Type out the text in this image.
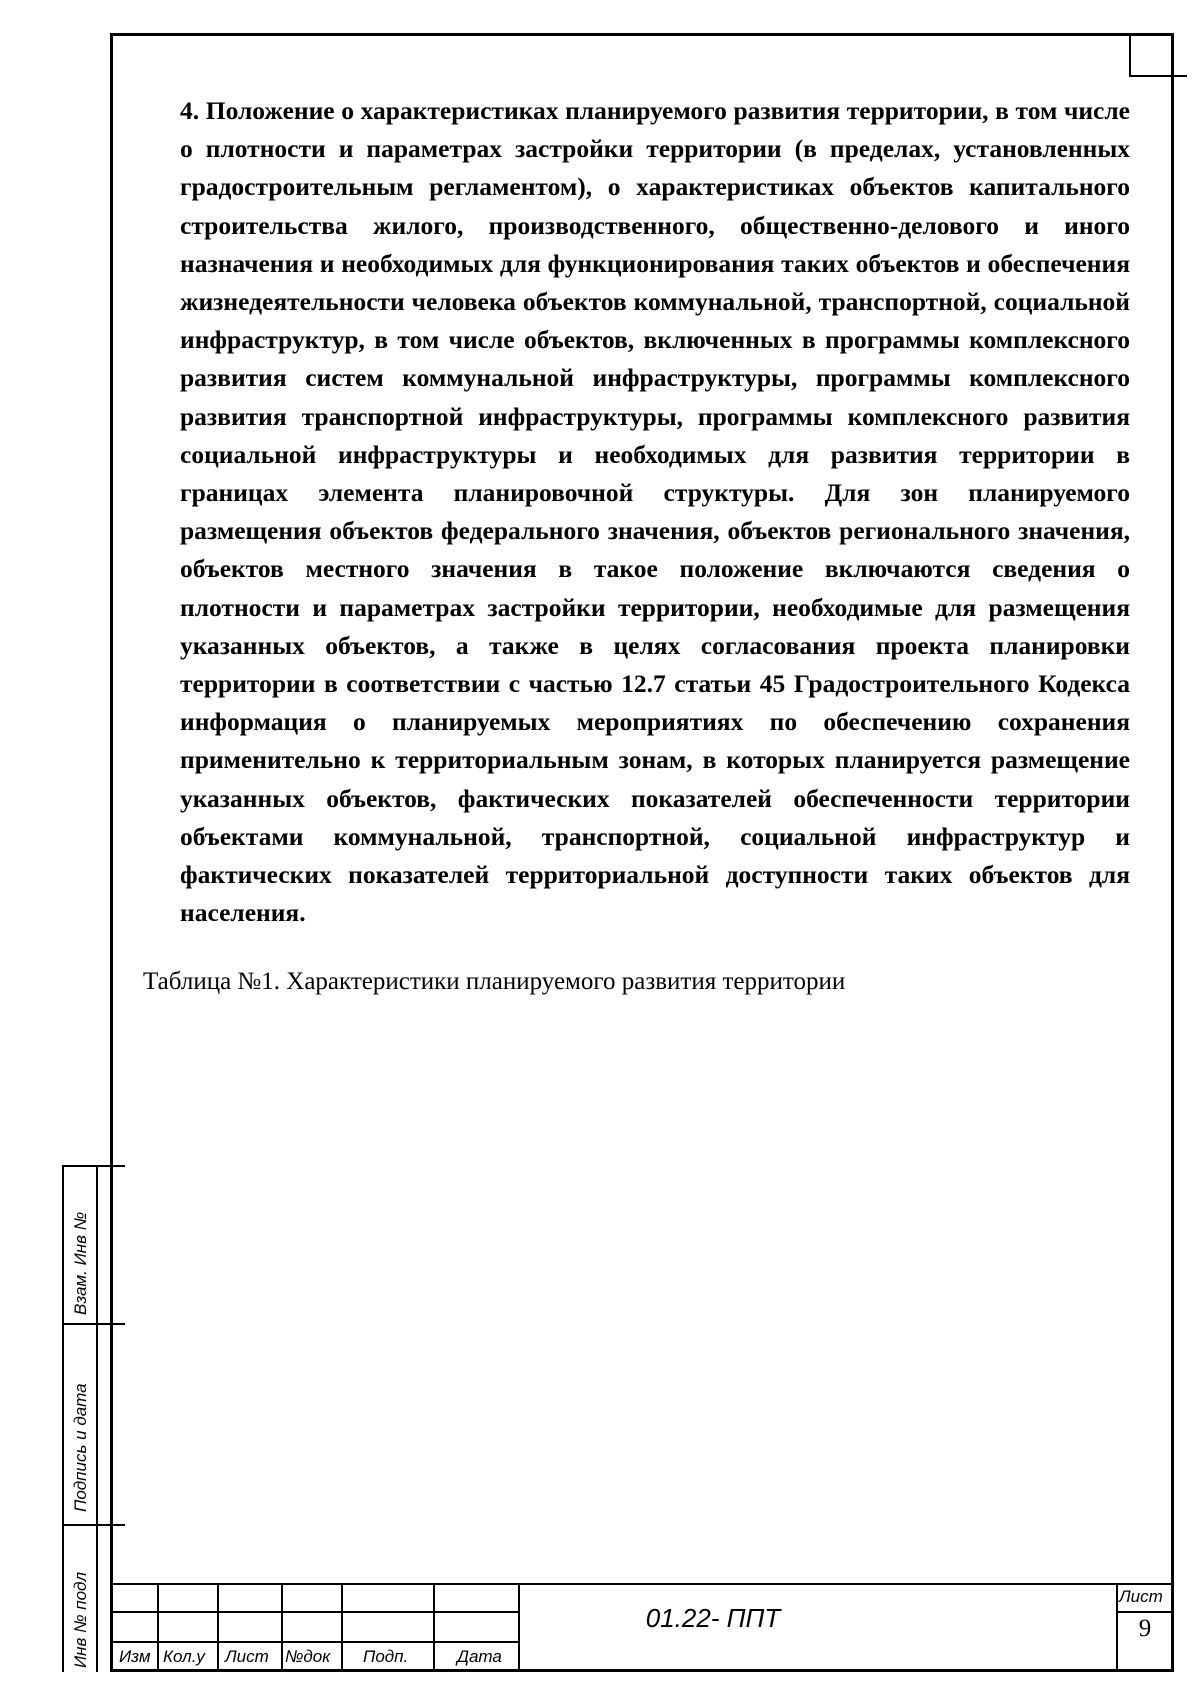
4. Положение о характеристиках планируемого развития территории, в том числе о плотности и параметрах застройки территории (в пределах, установленных градостроительным регламентом), о характеристиках объектов капитального строительства жилого, производственного, общественно-делового и иного назначения и необходимых для функционирования таких объектов и обеспечения жизнедеятельности человека объектов коммунальной, транспортной, социальной инфраструктур, в том числе объектов, включенных в программы комплексного развития систем коммунальной инфраструктуры, программы комплексного развития транспортной инфраструктуры, программы комплексного развития социальной инфраструктуры и необходимых для развития территории в границах элемента планировочной структуры. Для зон планируемого размещения объектов федерального значения, объектов регионального значения, объектов местного значения в такое положение включаются сведения о плотности и параметрах застройки территории, необходимые для размещения указанных объектов, а также в целях согласования проекта планировки территории в соответствии с частью 12.7 статьи 45 Градостроительного Кодекса информация о планируемых мероприятиях по обеспечению сохранения применительно к территориальным зонам, в которых планируется размещение указанных объектов, фактических показателей обеспеченности территории объектами коммунальной, транспортной, социальной инфраструктур и фактических показателей территориальной доступности таких объектов для населения.

Таблица №1. Характеристики планируемого развития территории

Взам. Инв №
Подпись и дата
Инв № подл Изм Кол.у Лист №док Подп.	Дата
01.22- ППТ
Лист
9
